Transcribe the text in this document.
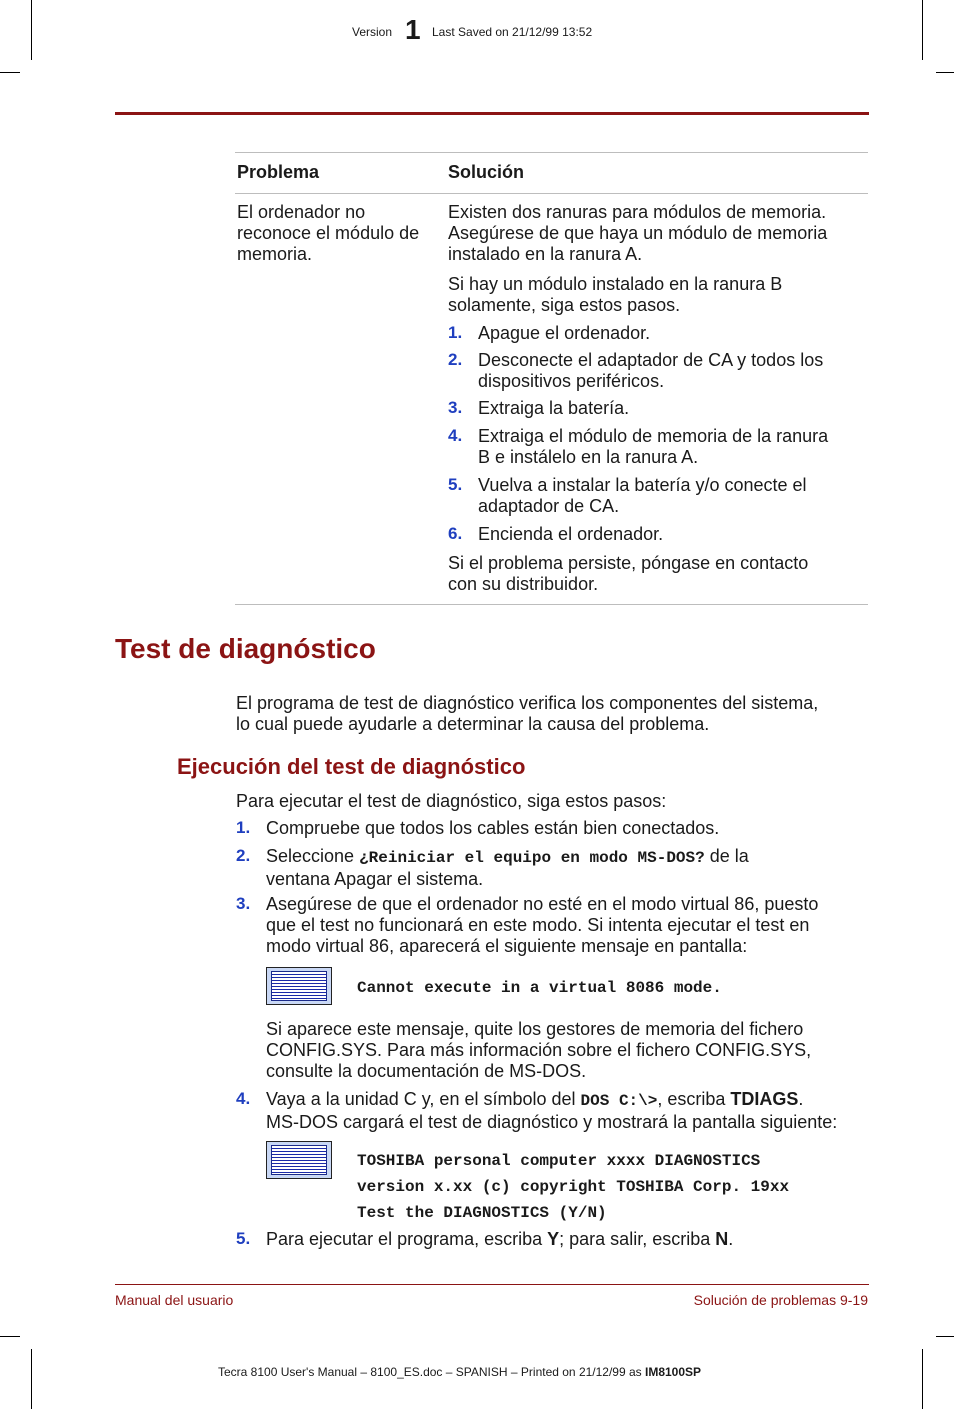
Version 1 Last Saved on 21/12/99 13:52
Problema	Solución
El ordenador no
reconoce el módulo de
memoria.
Existen dos ranuras para módulos de memoria.
Asegúrese de que haya un módulo de memoria
instalado en la ranura A.
Si hay un módulo instalado en la ranura B
solamente, siga estos pasos.
1. Apague el ordenador.
2. Desconecte el adaptador de CA y todos los
dispositivos periféricos.
3. Extraiga la batería.
4. Extraiga el módulo de memoria de la ranura
B e instálelo en la ranura A.
5. Vuelva a instalar la batería y/o conecte el
adaptador de CA.
6. Encienda el ordenador.
Si el problema persiste, póngase en contacto
con su distribuidor.
Test de diagnóstico
El programa de test de diagnóstico verifica los componentes del sistema,
lo cual puede ayudarle a determinar la causa del problema.
Ejecución del test de diagnóstico
Para ejecutar el test de diagnóstico, siga estos pasos:
1. Compruebe que todos los cables están bien conectados.
2. Seleccione ¿Reiniciar el equipo en modo MS-DOS? de la
ventana Apagar el sistema.
3. Asegúrese de que el ordenador no esté en el modo virtual 86, puesto
que el test no funcionará en este modo. Si intenta ejecutar el test en
modo virtual 86, aparecerá el siguiente mensaje en pantalla:
Cannot execute in a virtual 8086 mode.
Si aparece este mensaje, quite los gestores de memoria del fichero
CONFIG.SYS. Para más información sobre el fichero CONFIG.SYS,
consulte la documentación de MS-DOS.
4. Vaya a la unidad C y, en el símbolo del DOS C:\>, escriba TDIAGS.
MS-DOS cargará el test de diagnóstico y mostrará la pantalla siguiente:
TOSHIBA personal computer xxxx DIAGNOSTICS
version x.xx (c) copyright TOSHIBA Corp. 19xx
Test the DIAGNOSTICS (Y/N)
5. Para ejecutar el programa, escriba Y; para salir, escriba N.
Manual del usuario	Solución de problemas 9-19
Tecra 8100 User's Manual – 8100_ES.doc – SPANISH – Printed on 21/12/99 as IM8100SP
